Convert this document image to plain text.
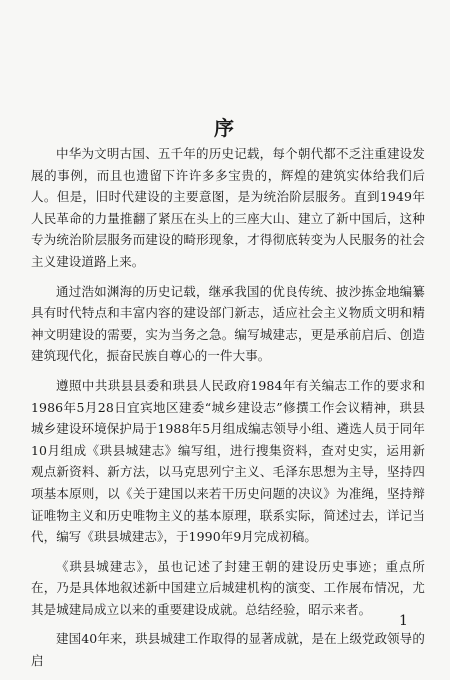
序

中华为文明古国、五千年的历史记载，每个朝代都不乏注重建设发展的事例，而且也遗留下许许多多宝贵的，辉煌的建筑实体给我们后人。但是，旧时代建设的主要意图，是为统治阶层服务。直到1949年人民革命的力量推翻了紧压在头上的三座大山、建立了新中国后，这种专为统治阶层服务而建设的畸形现象，才得彻底转变为人民服务的社会主义建设道路上来。

通过浩如渊海的历史记载，继承我国的优良传统、披沙拣金地编纂具有时代特点和丰富内容的建设部门新志，适应社会主义物质文明和精神文明建设的需要，实为当务之急。编写城建志，更是承前启后、创造建筑现代化，振奋民族自尊心的一件大事。

遵照中共珙县县委和珙县人民政府1984年有关编志工作的要求和1986年5月28日宜宾地区建委“城乡建设志”修撰工作会议精神，珙县城乡建设环境保护局于1988年5月组成编志领导小组、遴选人员于同年10月组成《珙县城建志》编写组，进行搜集资料，查对史实，运用新观点新资料、新方法，以马克思列宁主义、毛泽东思想为主导，坚持四项基本原则，以《关于建国以来若干历史问题的决议》为准绳，坚持辩证唯物主义和历史唯物主义的基本原理，联系实际，简述过去，详记当代，编写《珙县城建志》，于1990年9月完成初稿。

《珙县城建志》，虽也记述了封建王朝的建设历史事迹；重点所在，乃是具体地叙述新中国建立后城建机构的演变、工作展布情况，尤其是城建局成立以来的重要建设成就。总结经验，昭示来者。

建国40年来，珙县城建工作取得的显著成就，是在上级党政领导的启

1
